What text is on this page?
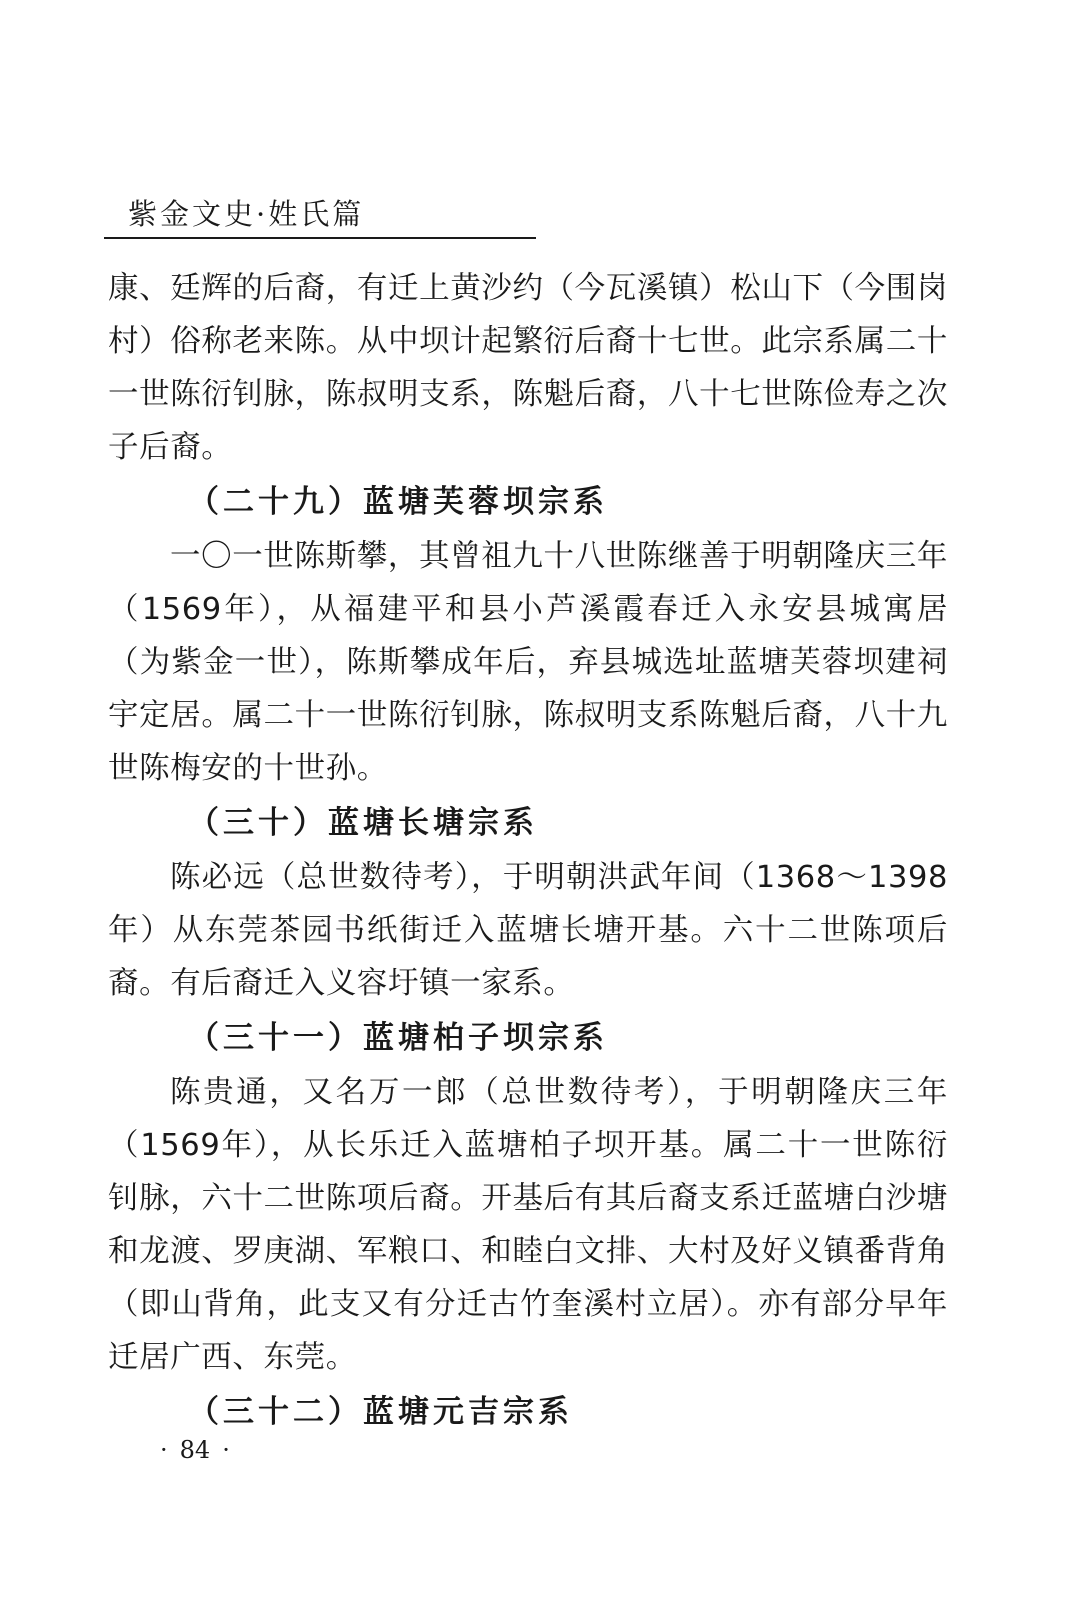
紫金文史·姓氏篇

康、廷辉的后裔，有迁上黄沙约（今瓦溪镇）松山下（今围岗村）俗称老来陈。从中坝计起繁衍后裔十七世。此宗系属二十一世陈衍钊脉，陈叔明支系，陈魁后裔，八十七世陈俭寿之次子后裔。

（二十九）蓝塘芙蓉坝宗系

一〇一世陈斯攀，其曾祖九十八世陈继善于明朝隆庆三年（1569年），从福建平和县小芦溪霞春迁入永安县城寓居（为紫金一世），陈斯攀成年后，弃县城选址蓝塘芙蓉坝建祠宇定居。属二十一世陈衍钊脉，陈叔明支系陈魁后裔，八十九世陈梅安的十世孙。

（三十）蓝塘长塘宗系

陈必远（总世数待考），于明朝洪武年间（1368～1398年）从东莞茶园书纸街迁入蓝塘长塘开基。六十二世陈项后裔。有后裔迁入义容圩镇一家系。

（三十一）蓝塘柏子坝宗系

陈贵通，又名万一郎（总世数待考），于明朝隆庆三年（1569年），从长乐迁入蓝塘柏子坝开基。属二十一世陈衍钊脉，六十二世陈项后裔。开基后有其后裔支系迁蓝塘白沙塘和龙渡、罗庚湖、军粮口、和睦白文排、大村及好义镇番背角（即山背角，此支又有分迁古竹奎溪村立居）。亦有部分早年迁居广西、东莞。

（三十二）蓝塘元吉宗系
· 84 ·
